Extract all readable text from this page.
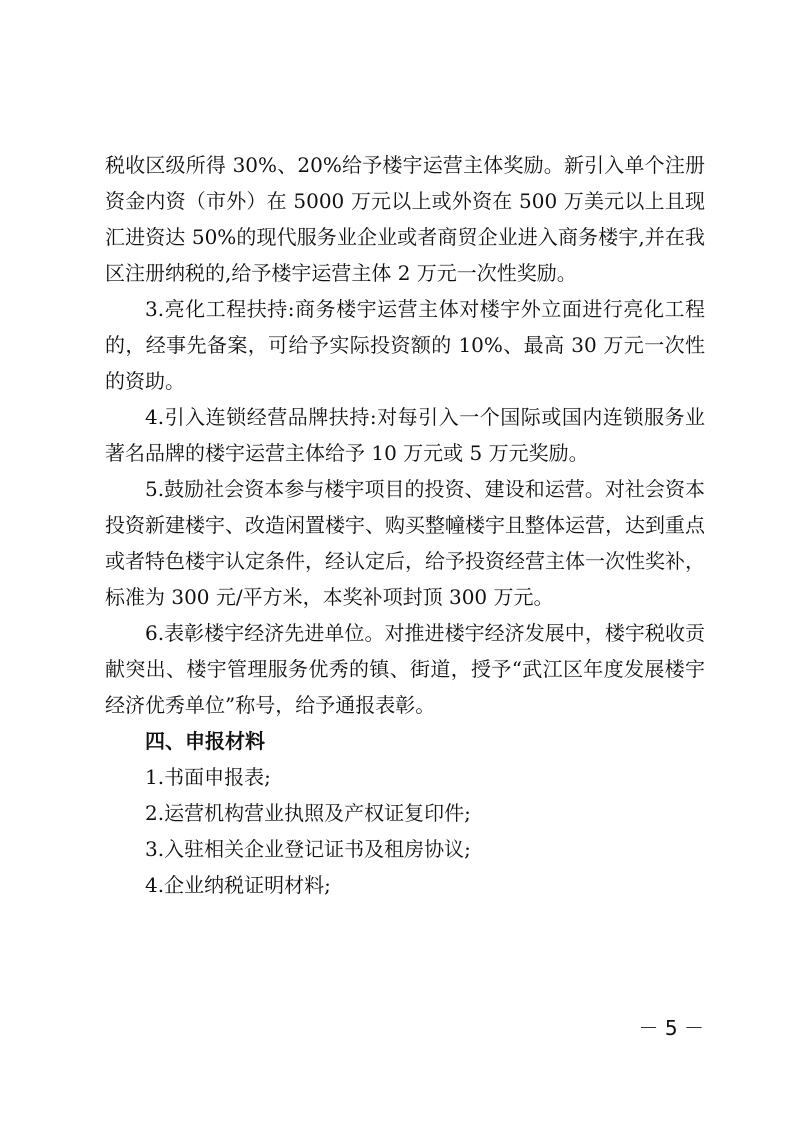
税收区级所得 30%、20%给予楼宇运营主体奖励。新引入单个注册资金内资（市外）在 5000 万元以上或外资在 500 万美元以上且现汇进资达 50%的现代服务业企业或者商贸企业进入商务楼宇,并在我区注册纳税的,给予楼宇运营主体 2 万元一次性奖励。

3.亮化工程扶持:商务楼宇运营主体对楼宇外立面进行亮化工程的，经事先备案，可给予实际投资额的 10%、最高 30 万元一次性的资助。

4.引入连锁经营品牌扶持:对每引入一个国际或国内连锁服务业著名品牌的楼宇运营主体给予 10 万元或 5 万元奖励。

5.鼓励社会资本参与楼宇项目的投资、建设和运营。对社会资本投资新建楼宇、改造闲置楼宇、购买整幢楼宇且整体运营，达到重点或者特色楼宇认定条件，经认定后，给予投资经营主体一次性奖补，标准为 300 元/平方米，本奖补项封顶 300 万元。

6.表彰楼宇经济先进单位。对推进楼宇经济发展中，楼宇税收贡献突出、楼宇管理服务优秀的镇、街道，授予“武江区年度发展楼宇经济优秀单位”称号，给予通报表彰。

四、申报材料

1.书面申报表;

2.运营机构营业执照及产权证复印件;

3.入驻相关企业登记证书及租房协议;

4.企业纳税证明材料;

－ 5 －
